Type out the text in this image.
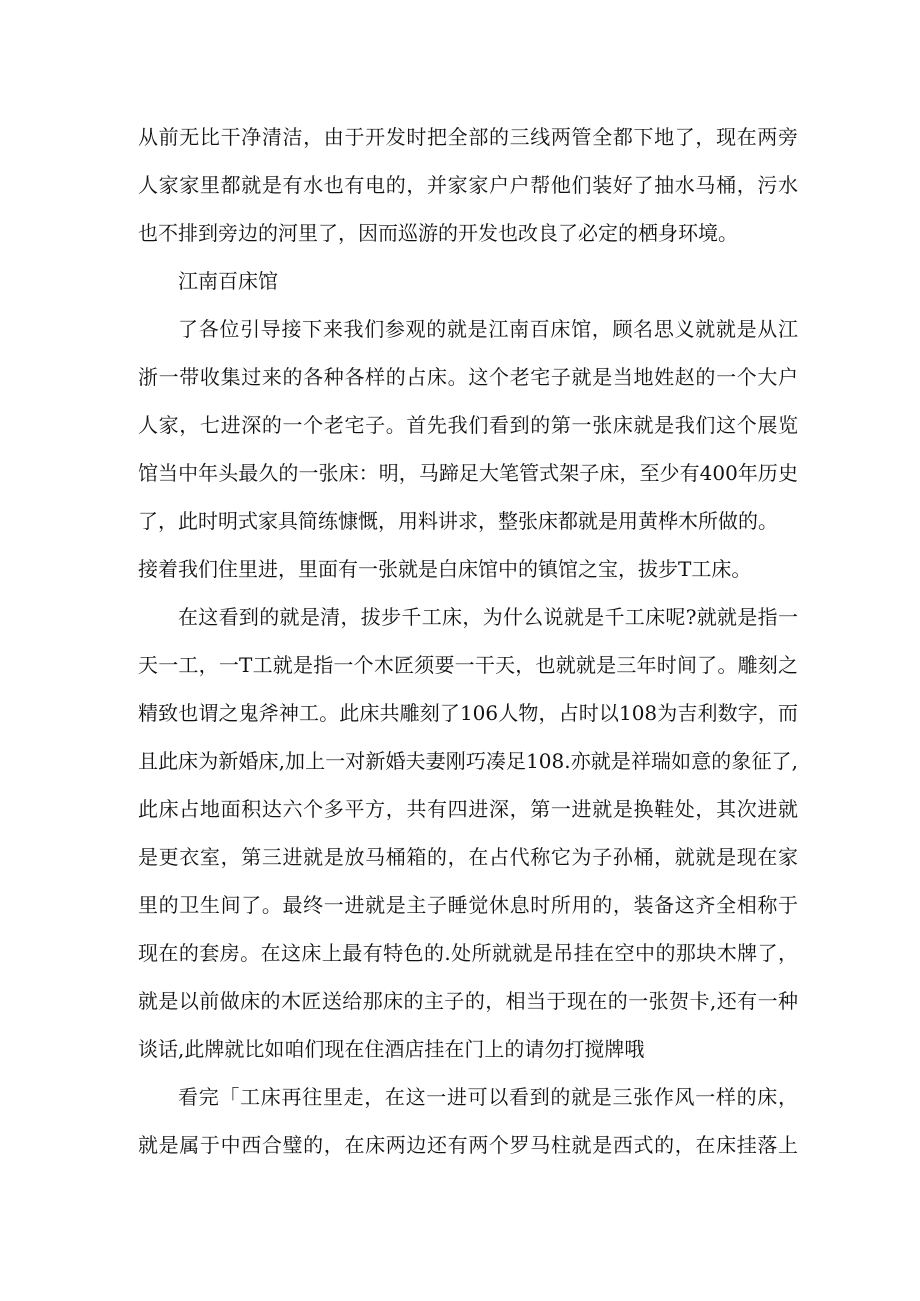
从前无比干净清洁，由于开发时把全部的三线两管全都下地了，现在两旁
人家家里都就是有水也有电的，并家家户户帮他们装好了抽水马桶，污水
也不排到旁边的河里了，因而巡游的开发也改良了必定的栖身环境。
江南百床馆
了各位引导接下来我们参观的就是江南百床馆，顾名思义就就是从江
浙一带收集过来的各种各样的占床。这个老宅子就是当地姓赵的一个大户
人家，七进深的一个老宅子。首先我们看到的第一张床就是我们这个展览
馆当中年头最久的一张床：明，马蹄足大笔管式架子床，至少有400年历史
了，此时明式家具简练慷慨，用料讲求，整张床都就是用黄桦木所做的。
接着我们住里进，里面有一张就是白床馆中的镇馆之宝，拔步T工床。
在这看到的就是清，拔步千工床，为什么说就是千工床呢?就就是指一
天一工，一T工就是指一个木匠须要一干天，也就就是三年时间了。雕刻之
精致也谓之鬼斧神工。此床共雕刻了106人物，占时以108为吉利数字，而
且此床为新婚床,加上一对新婚夫妻刚巧凑足108.亦就是祥瑞如意的象征了,
此床占地面积达六个多平方，共有四进深，第一进就是换鞋处，其次进就
是更衣室，第三进就是放马桶箱的，在占代称它为子孙桶，就就是现在家
里的卫生间了。最终一进就是主子睡觉休息时所用的，装备这齐全相称于
现在的套房。在这床上最有特色的.处所就就是吊挂在空中的那块木牌了，
就是以前做床的木匠送给那床的主子的，相当于现在的一张贺卡,还有一种
谈话,此牌就比如咱们现在住酒店挂在门上的请勿打搅牌哦
看完「工床再往里走，在这一进可以看到的就是三张作风一样的床，
就是属于中西合璧的，在床两边还有两个罗马柱就是西式的，在床挂落上
